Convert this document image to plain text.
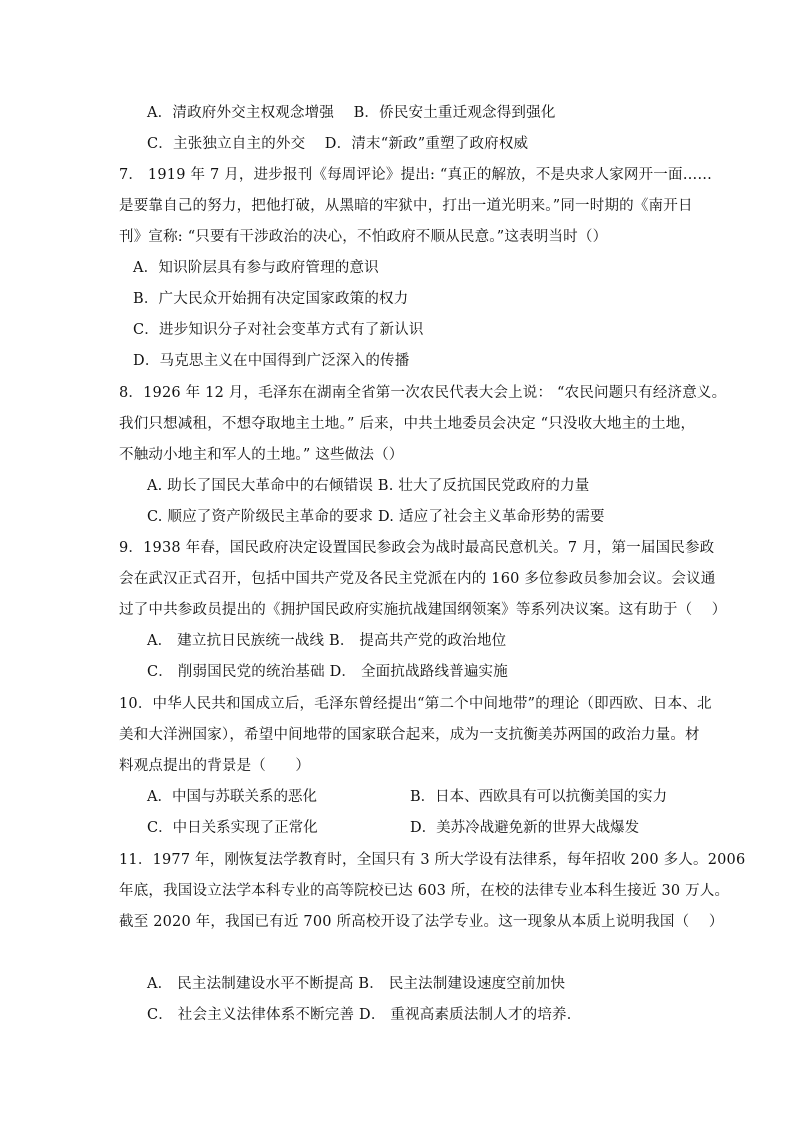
A．清政府外交主权观念增强　 B．侨民安土重迁观念得到强化
C．主张独立自主的外交　 D．清末“新政”重塑了政府权威
7． 1919 年 7 月，进步报刊《每周评论》提出: “真正的解放，不是央求人家网开一面……
是要靠自己的努力，把他打破，从黑暗的牢狱中，打出一道光明来。”同一时期的《南开日
刊》宣称: “只要有干涉政治的决心，不怕政府不顺从民意。”这表明当时（）
A．知识阶层具有参与政府管理的意识
B．广大民众开始拥有决定国家政策的权力
C．进步知识分子对社会变革方式有了新认识
D．马克思主义在中国得到广泛深入的传播
8．1926 年 12 月，毛泽东在湖南全省第一次农民代表大会上说： “农民问题只有经济意义。
我们只想减租，不想夺取地主土地。” 后来，中共土地委员会决定 “只没收大地主的土地，
不触动小地主和军人的土地。” 这些做法（）
A. 助长了国民大革命中的右倾错误 B. 壮大了反抗国民党政府的力量
C. 顺应了资产阶级民主革命的要求 D. 适应了社会主义革命形势的需要
9．1938 年春，国民政府决定设置国民参政会为战时最高民意机关。7 月，第一届国民参政
会在武汉正式召开，包括中国共产党及各民主党派在内的 160 多位参政员参加会议。会议通
过了中共参政员提出的《拥护国民政府实施抗战建国纲领案》等系列决议案。这有助于（　 ）
A． 建立抗日民族统一战线 B． 提高共产党的政治地位
C． 削弱国民党的统治基础 D． 全面抗战路线普遍实施
10．中华人民共和国成立后，毛泽东曾经提出“第二个中间地带”的理论（即西欧、日本、北
美和大洋洲国家），希望中间地带的国家联合起来，成为一支抗衡美苏两国的政治力量。材
料观点提出的背景是（　　）
A．中国与苏联关系的恶化	B．日本、西欧具有可以抗衡美国的实力
C．中日关系实现了正常化	D．美苏冷战避免新的世界大战爆发
11．1977 年，刚恢复法学教育时，全国只有 3 所大学设有法律系，每年招收 200 多人。2006
年底，我国设立法学本科专业的高等院校已达 603 所，在校的法律专业本科生接近 30 万人。
截至 2020 年，我国已有近 700 所高校开设了法学专业。这一现象从本质上说明我国（　 ）
A． 民主法制建设水平不断提高 B． 民主法制建设速度空前加快
C． 社会主义法律体系不断完善 D． 重视高素质法制人才的培养．
